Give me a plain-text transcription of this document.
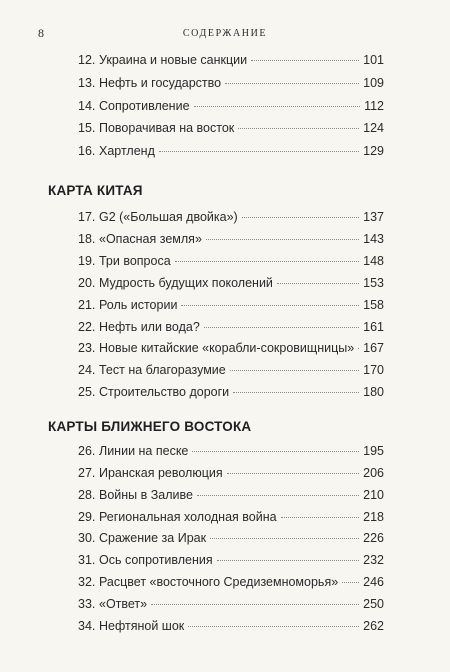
8	СОДЕРЖАНИЕ
12. Украина и новые санкции	101
13. Нефть и государство	109
14. Сопротивление	112
15. Поворачивая на восток	124
16. Хартленд	129
КАРТА КИТАЯ
17. G2 («Большая двойка»)	137
18. «Опасная земля»	143
19. Три вопроса	148
20. Мудрость будущих поколений	153
21. Роль истории	158
22. Нефть или вода?	161
23. Новые китайские «корабли-сокровищницы» 167
24. Тест на благоразумие	170
25. Строительство дороги	180
КАРТЫ БЛИЖНЕГО ВОСТОКА
26. Линии на песке	195
27. Иранская революция	206
28. Войны в Заливе	210
29. Региональная холодная война	218
30. Сражение за Ирак	226
31. Ось сопротивления	232
32. Расцвет «восточного Средиземноморья» 246
33. «Ответ»	250
34. Нефтяной шок	262
